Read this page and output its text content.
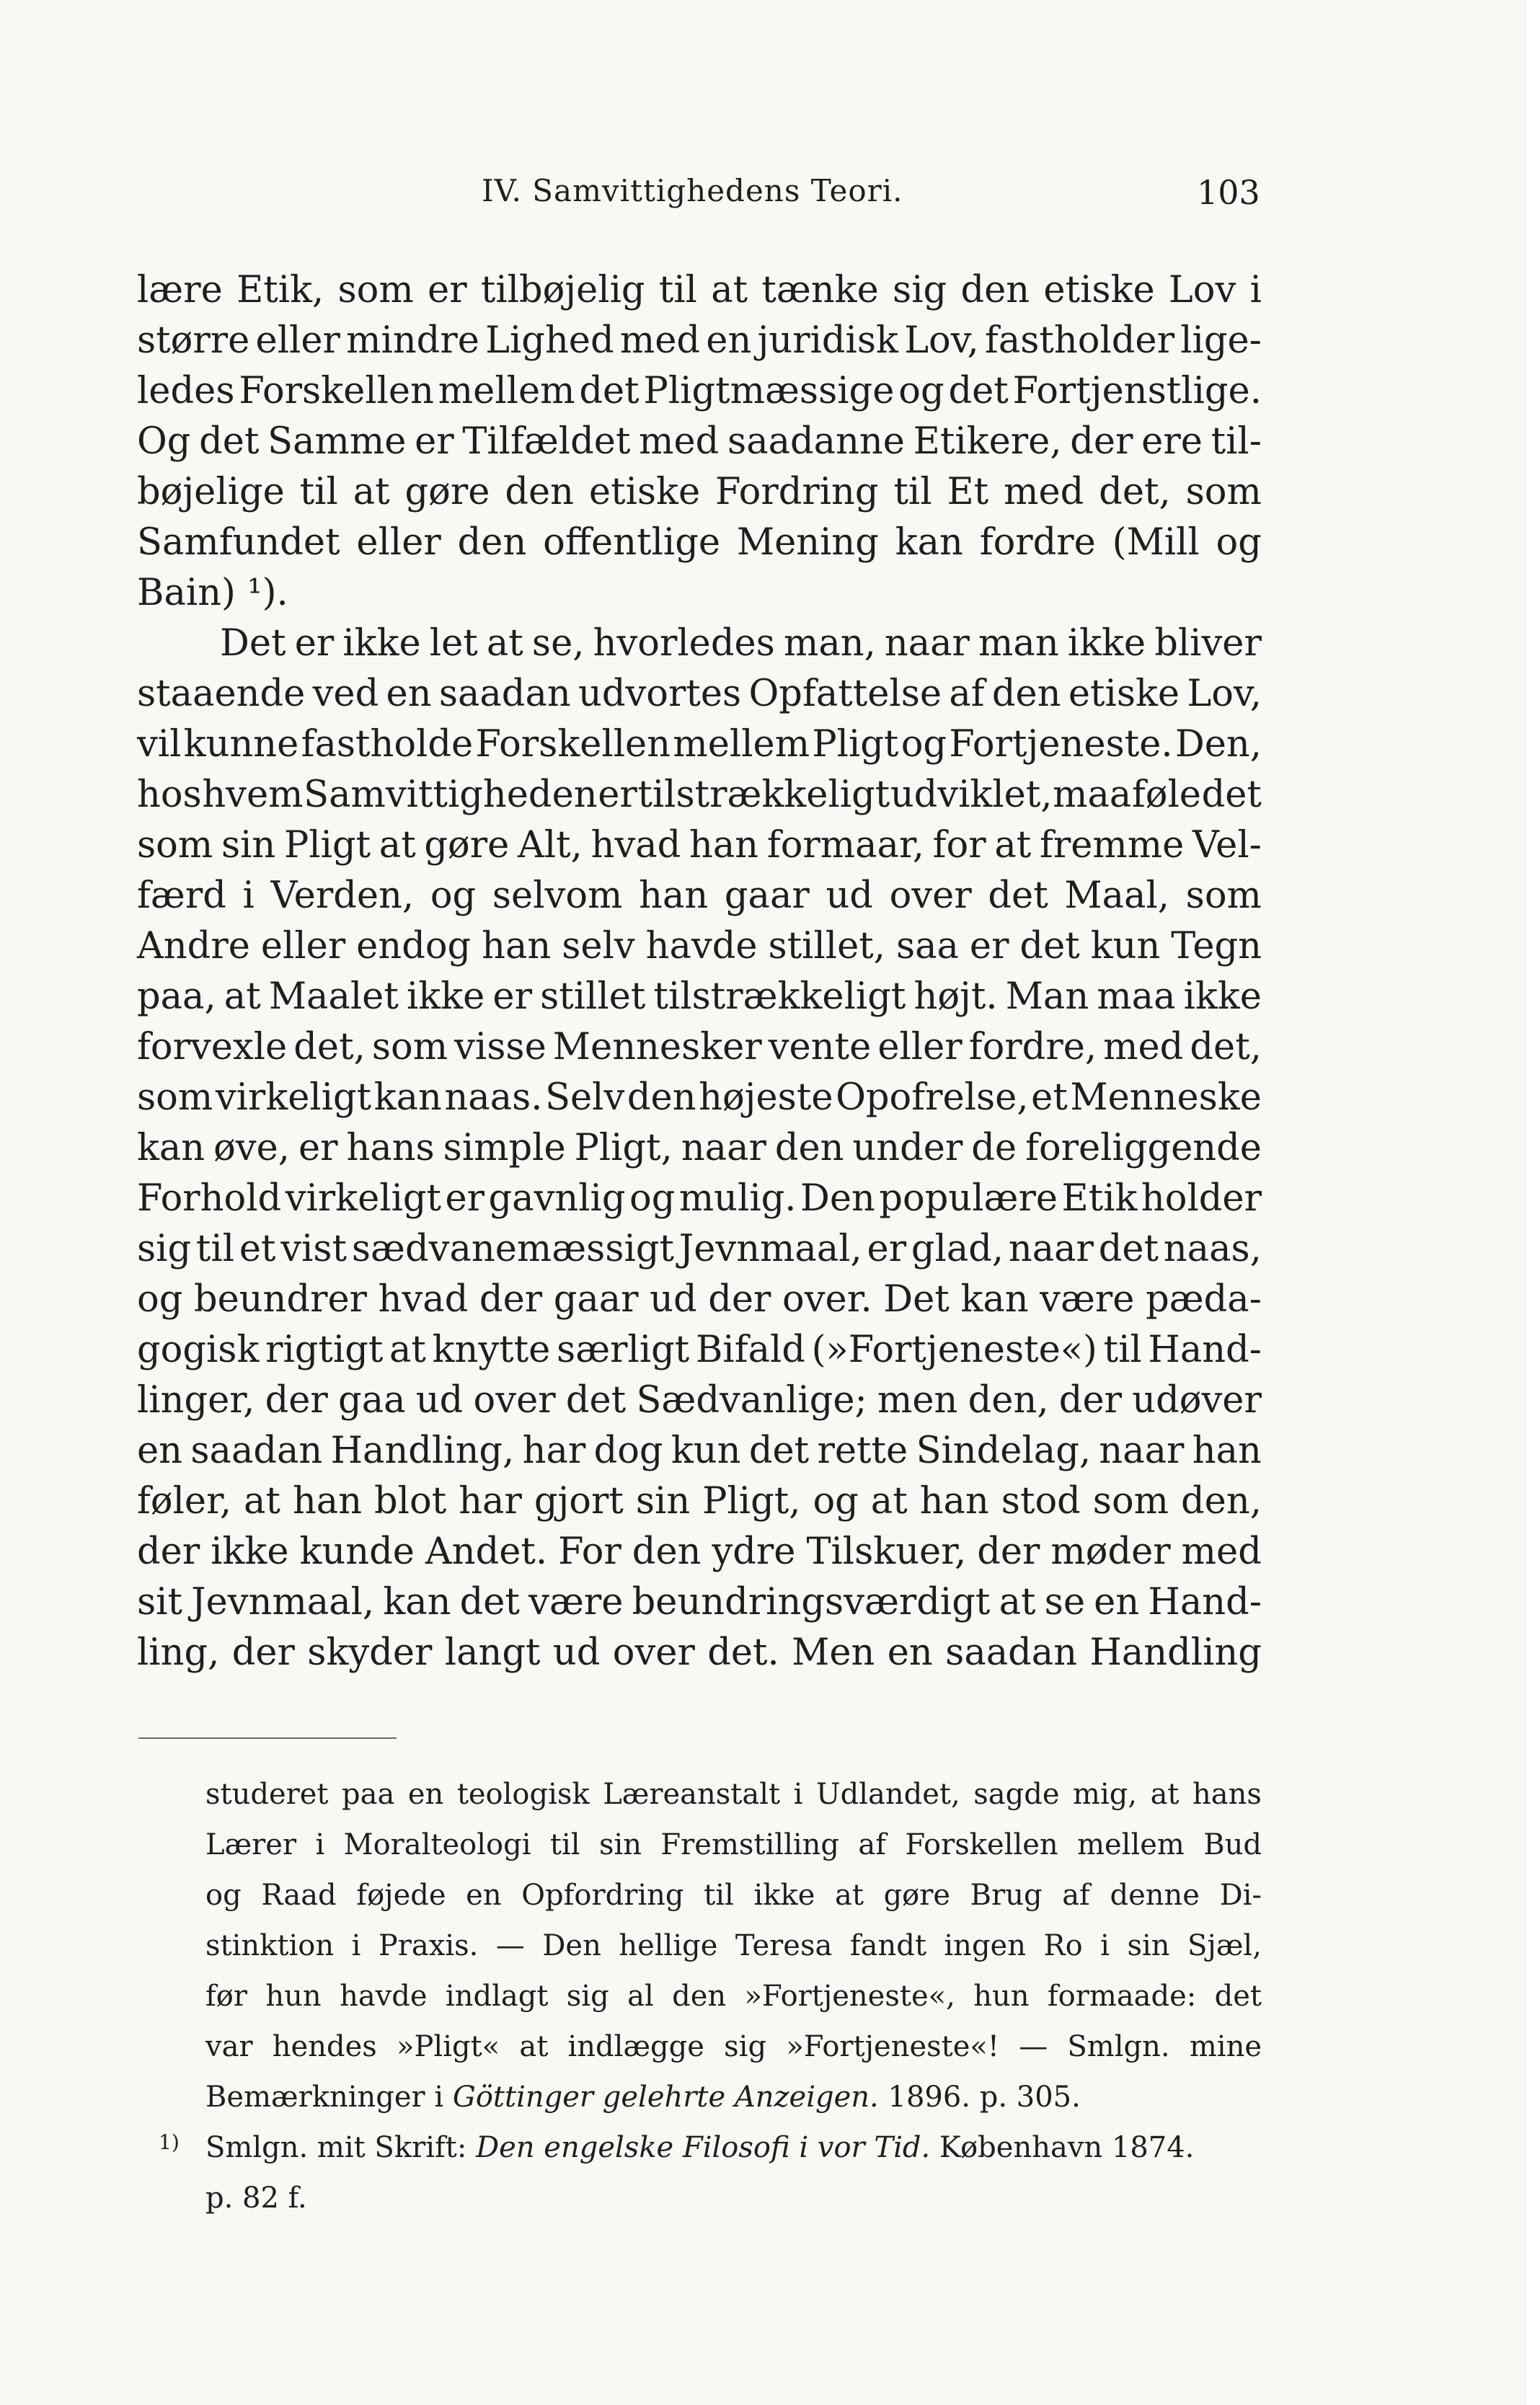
IV. Samvittighedens Teori.	103
lære Etik, som er tilbøjelig til at tænke sig den etiske Lov i
større eller mindre Lighed med en juridisk Lov, fastholder lige-
ledes Forskellen mellem det Pligtmæssige og det Fortjenstlige.
Og det Samme er Tilfældet med saadanne Etikere, der ere til-
bøjelige til at gøre den etiske Fordring til Et med det, som
Samfundet eller den offentlige Mening kan fordre (Mill og
Bain) ¹).
Det er ikke let at se, hvorledes man, naar man ikke bliver
staaende ved en saadan udvortes Opfattelse af den etiske Lov,
vil kunne fastholde Forskellen mellem Pligt og Fortjeneste. Den,
hos hvem Samvittigheden er tilstrækkeligt udviklet, maa føle det
som sin Pligt at gøre Alt, hvad han formaar, for at fremme Vel-
færd i Verden, og selvom han gaar ud over det Maal, som
Andre eller endog han selv havde stillet, saa er det kun Tegn
paa, at Maalet ikke er stillet tilstrækkeligt højt. Man maa ikke
forvexle det, som visse Mennesker vente eller fordre, med det,
som virkeligt kan naas. Selv den højeste Opofrelse, et Menneske
kan øve, er hans simple Pligt, naar den under de foreliggende
Forhold virkeligt er gavnlig og mulig. Den populære Etik holder
sig til et vist sædvanemæssigt Jevnmaal, er glad, naar det naas,
og beundrer hvad der gaar ud der over. Det kan være pæda-
gogisk rigtigt at knytte særligt Bifald (»Fortjeneste«) til Hand-
linger, der gaa ud over det Sædvanlige; men den, der udøver
en saadan Handling, har dog kun det rette Sindelag, naar han
føler, at han blot har gjort sin Pligt, og at han stod som den,
der ikke kunde Andet. For den ydre Tilskuer, der møder med
sit Jevnmaal, kan det være beundringsværdigt at se en Hand-
ling, der skyder langt ud over det. Men en saadan Handling
studeret paa en teologisk Læreanstalt i Udlandet, sagde mig, at hans
Lærer i Moralteologi til sin Fremstilling af Forskellen mellem Bud
og Raad føjede en Opfordring til ikke at gøre Brug af denne Di-
stinktion i Praxis. — Den hellige Teresa fandt ingen Ro i sin Sjæl,
før hun havde indlagt sig al den »Fortjeneste«, hun formaade: det
var hendes »Pligt« at indlægge sig »Fortjeneste«! — Smlgn. mine
Bemærkninger i Göttinger gelehrte Anzeigen. 1896. p. 305.
1) Smlgn. mit Skrift: Den engelske Filosofi i vor Tid. København 1874.
p. 82 f.
